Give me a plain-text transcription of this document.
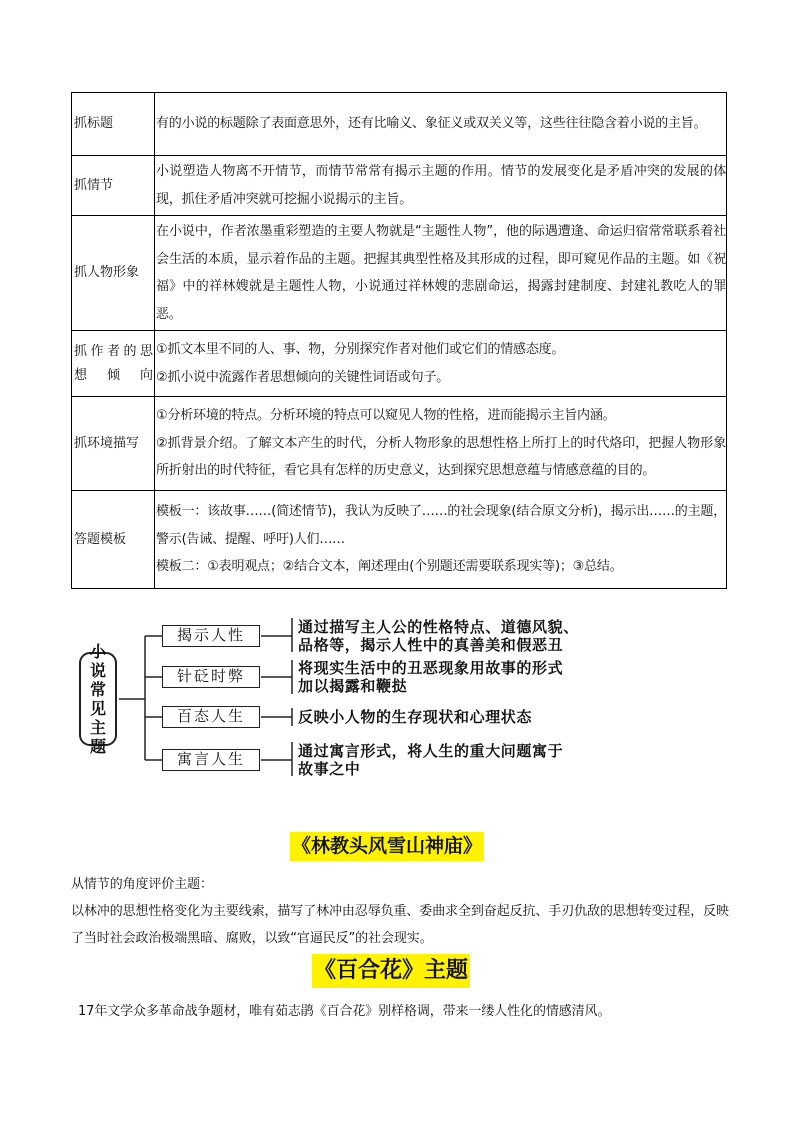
抓标题	有的小说的标题除了表面意思外，还有比喻义、象征义或双关义等，这些往往隐含着小说的主旨。

抓情节	小说塑造人物离不开情节，而情节常常有揭示主题的作用。情节的发展变化是矛盾冲突的发展的体现，抓住矛盾冲突就可挖掘小说揭示的主旨。

抓人物形象	在小说中，作者浓墨重彩塑造的主要人物就是“主题性人物”，他的际遇遭逢、命运归宿常常联系着社会生活的本质，显示着作品的主题。把握其典型性格及其形成的过程，即可窥见作品的主题。如《祝福》中的祥林嫂就是主题性人物，小说通过祥林嫂的悲剧命运，揭露封建制度、封建礼教吃人的罪恶。

抓作者的思想倾向	①抓文本里不同的人、事、物，分别探究作者对他们或它们的情感态度。
②抓小说中流露作者思想倾向的关键性词语或句子。

抓环境描写	①分析环境的特点。分析环境的特点可以窥见人物的性格，进而能揭示主旨内涵。
②抓背景介绍。了解文本产生的时代，分析人物形象的思想性格上所打上的时代烙印，把握人物形象所折射出的时代特征，看它具有怎样的历史意义，达到探究思想意蕴与情感意蕴的目的。

答题模板	模板一：该故事……(简述情节)，我认为反映了……的社会现象(结合原文分析)，揭示出……的主题，警示(告诫、提醒、呼吁)人们……
模板二：①表明观点；②结合文本，阐述理由(个别题还需要联系现实等)；③总结。
小说常见主题
揭示人性	通过描写主人公的性格特点、道德风貌、
品格等，揭示人性中的真善美和假恶丑
针砭时弊	将现实生活中的丑恶现象用故事的形式
加以揭露和鞭挞
百态人生	反映小人物的生存现状和心理状态
寓言人生	通过寓言形式，将人生的重大问题寓于
故事之中
《林教头风雪山神庙》
从情节的角度评价主题：
以林冲的思想性格变化为主要线索，描写了林冲由忍辱负重、委曲求全到奋起反抗、手刃仇敌的思想转变过程，反映了当时社会政治极端黑暗、腐败，以致“官逼民反”的社会现实。
《百合花》主题
17年文学众多革命战争题材，唯有茹志鹃《百合花》别样格调，带来一缕人性化的情感清风。
